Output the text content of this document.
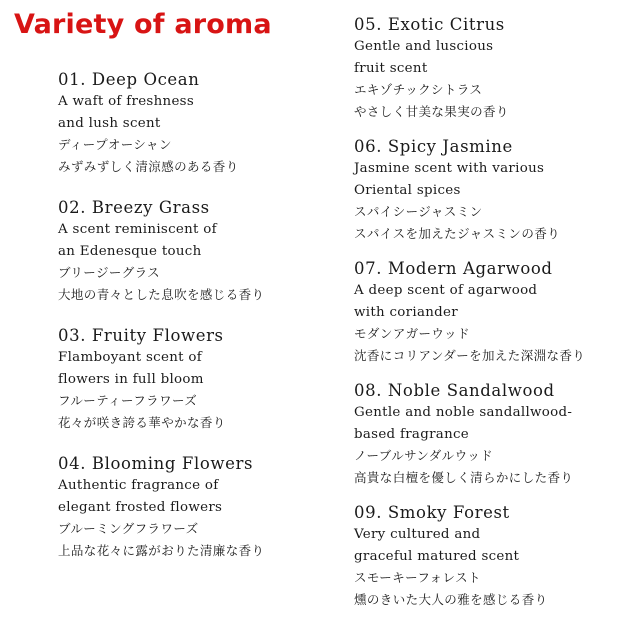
Variety of aroma
01. Deep Ocean
A waft of freshness
and lush scent
ディープオーシャン
みずみずしく清涼感のある香り
02. Breezy Grass
A scent reminiscent of
an Edenesque touch
ブリージーグラス
大地の青々とした息吹を感じる香り
03. Fruity Flowers
Flamboyant scent of
flowers in full bloom
フルーティーフラワーズ
花々が咲き誇る華やかな香り
04. Blooming Flowers
Authentic fragrance of
elegant frosted flowers
ブルーミングフラワーズ
上品な花々に露がおりた清廉な香り
05. Exotic Citrus
Gentle and luscious
fruit scent
エキゾチックシトラス
やさしく甘美な果実の香り
06. Spicy Jasmine
Jasmine scent with various
Oriental spices
スパイシージャスミン
スパイスを加えたジャスミンの香り
07. Modern Agarwood
A deep scent of agarwood
with coriander
モダンアガーウッド
沈香にコリアンダーを加えた深淵な香り
08. Noble Sandalwood
Gentle and noble sandallwood-
based fragrance
ノーブルサンダルウッド
高貴な白檀を優しく清らかにした香り
09. Smoky Forest
Very cultured and
graceful matured scent
スモーキーフォレスト
燻のきいた大人の雅を感じる香り
